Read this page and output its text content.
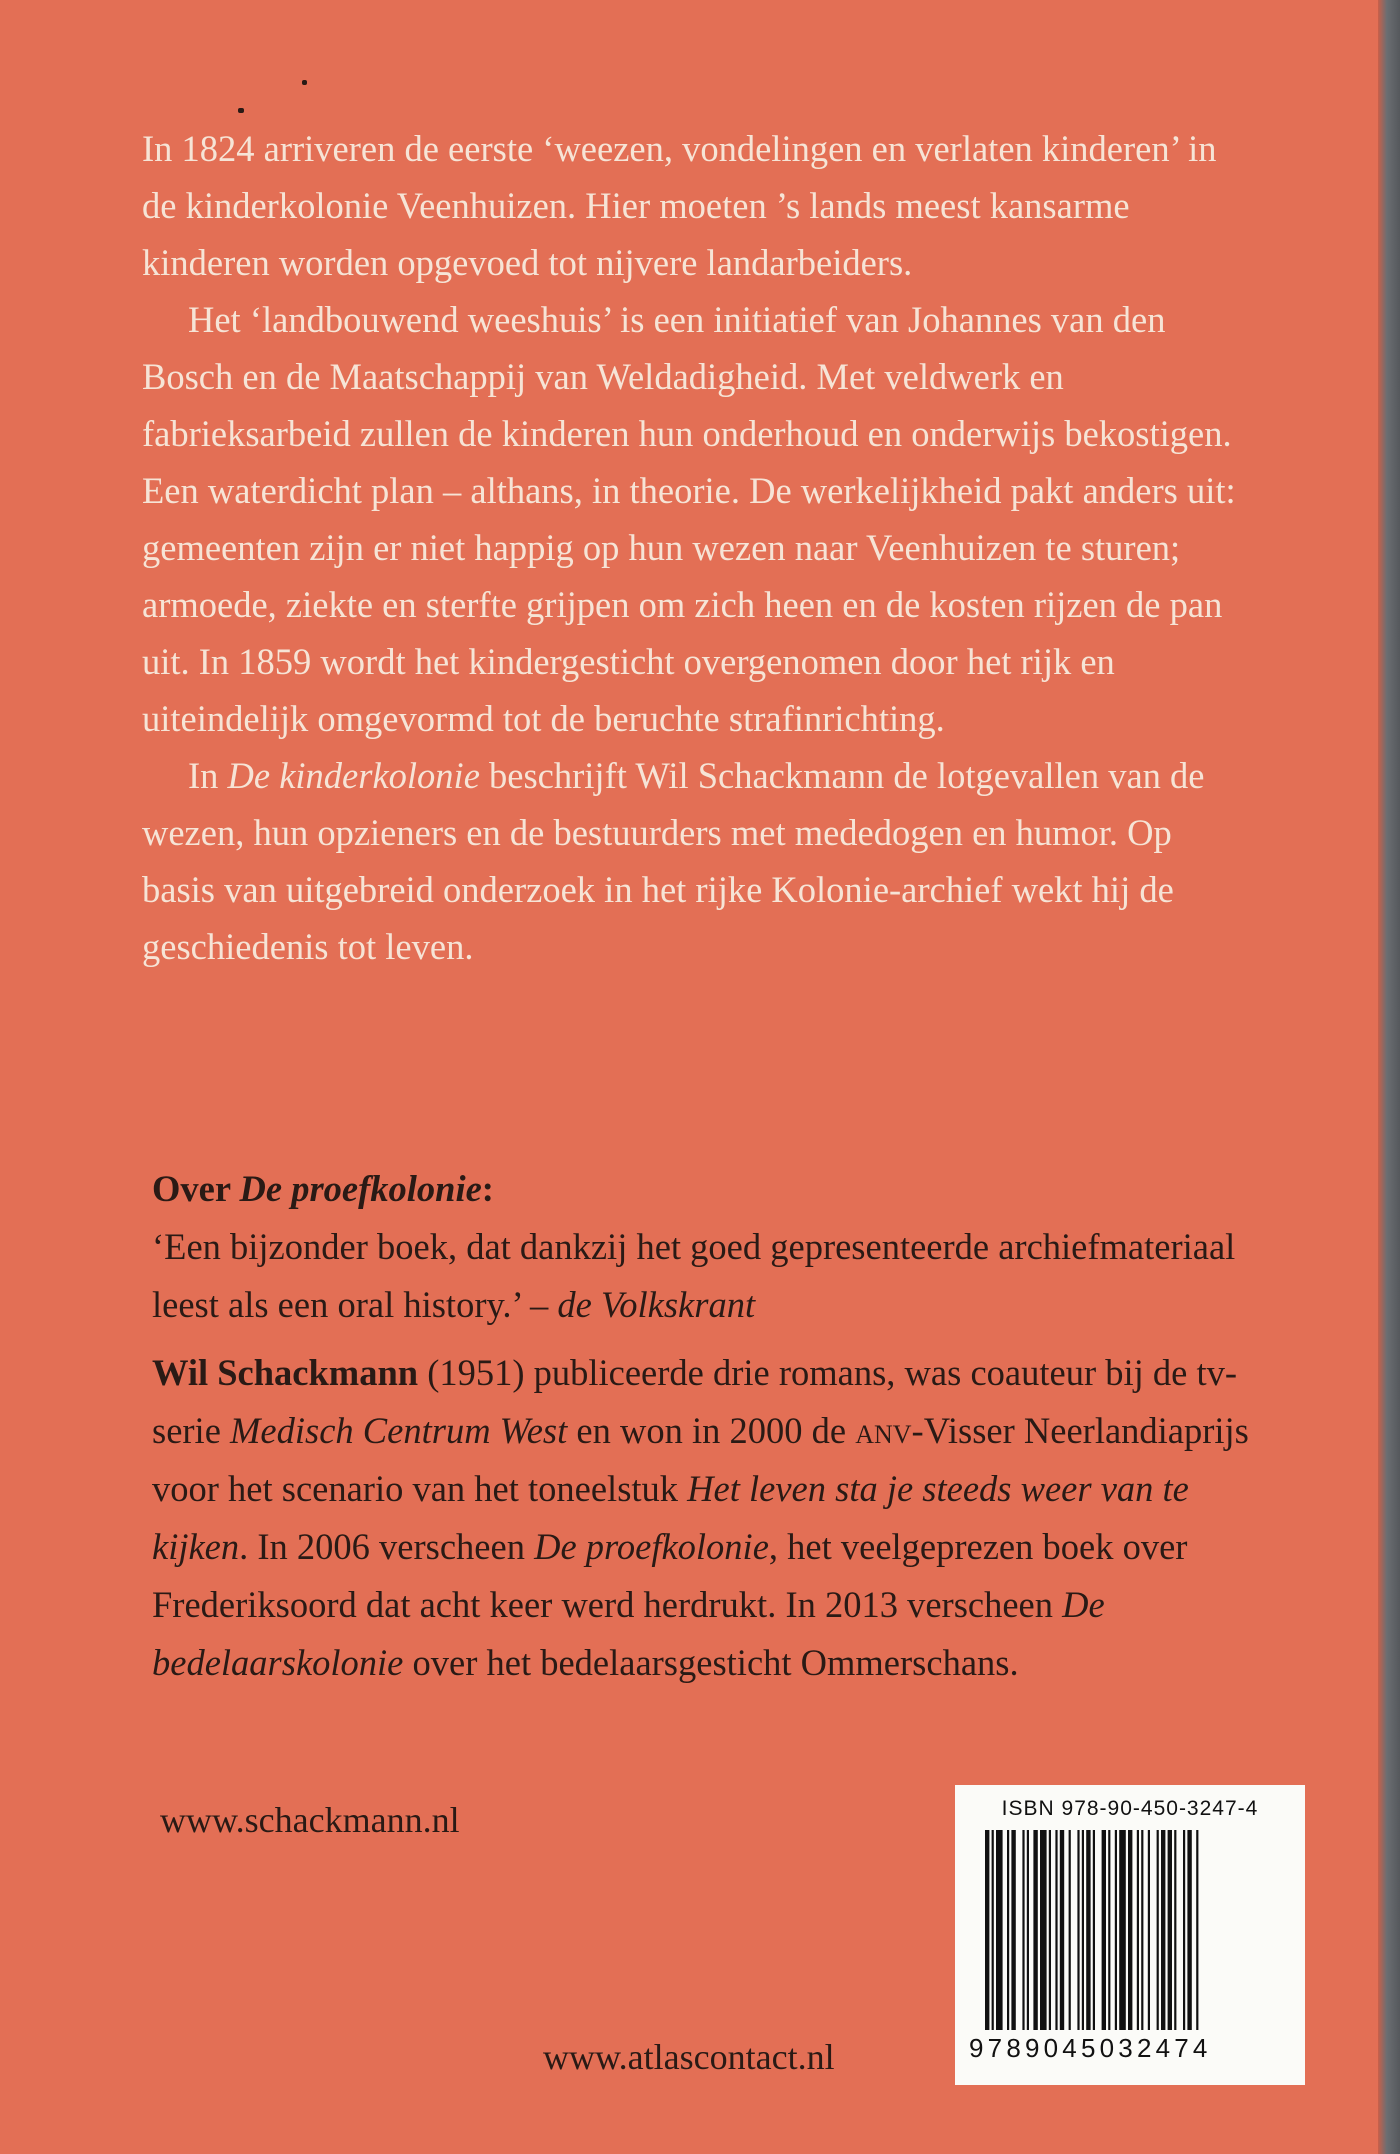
In 1824 arriveren de eerste ‘weezen, vondelingen en verlaten kinderen’ in de kinderkolonie Veenhuizen. Hier moeten ’s lands meest kansarme kinderen worden opgevoed tot nijvere landarbeiders.

Het ‘landbouwend weeshuis’ is een initiatief van Johannes van den Bosch en de Maatschappij van Weldadigheid. Met veldwerk en fabrieksarbeid zullen de kinderen hun onderhoud en onderwijs bekostigen. Een waterdicht plan – althans, in theorie. De werkelijkheid pakt anders uit: gemeenten zijn er niet happig op hun wezen naar Veenhuizen te sturen; armoede, ziekte en sterfte grijpen om zich heen en de kosten rijzen de pan uit. In 1859 wordt het kindergesticht overgenomen door het rijk en uiteindelijk omgevormd tot de beruchte strafinrichting.

In De kinderkolonie beschrijft Wil Schackmann de lotgevallen van de wezen, hun opzieners en de bestuurders met mededogen en humor. Op basis van uitgebreid onderzoek in het rijke Kolonie-archief wekt hij de geschiedenis tot leven.

Over De proefkolonie:

‘Een bijzonder boek, dat dankzij het goed gepresenteerde archiefmateriaal leest als een oral history.’ – de Volkskrant

Wil Schackmann (1951) publiceerde drie romans, was coauteur bij de tv-serie Medisch Centrum West en won in 2000 de anv-Visser Neerlandiaprijs voor het scenario van het toneelstuk Het leven sta je steeds weer van te kijken. In 2006 verscheen De proefkolonie, het veelgeprezen boek over Frederiksoord dat acht keer werd herdrukt. In 2013 verscheen De bedelaarskolonie over het bedelaarsgesticht Ommerschans.

www.schackmann.nl	ISBN 978-90-450-3247-4
9789045032474
www.atlascontact.nl
